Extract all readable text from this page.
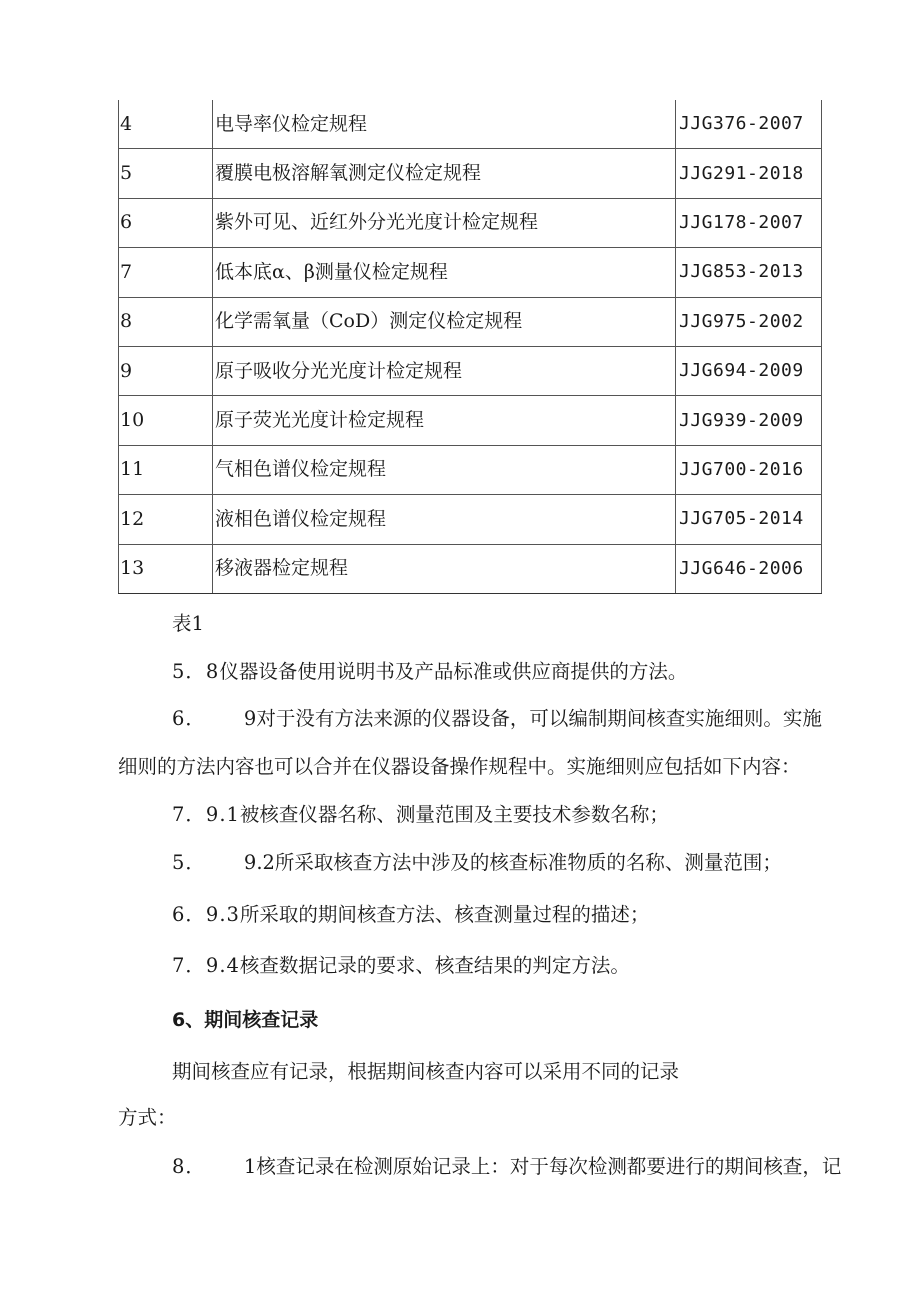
4	电导率仪检定规程	JJG376-2007
5	覆膜电极溶解氧测定仪检定规程	JJG291-2018
6	紫外可见、近红外分光光度计检定规程	JJG178-2007
7	低本底α、β测量仪检定规程	JJG853-2013
8	化学需氧量（CoD）测定仪检定规程	JJG975-2002
9	原子吸收分光光度计检定规程	JJG694-2009
10	原子荧光光度计检定规程	JJG939-2009
11	气相色谱仪检定规程	JJG700-2016
12	液相色谱仪检定规程	JJG705-2014
13	移液器检定规程	JJG646-2006
表1
5．8仪器设备使用说明书及产品标准或供应商提供的方法。
6． 9对于没有方法来源的仪器设备，可以编制期间核查实施细则。实施
细则的方法内容也可以合并在仪器设备操作规程中。实施细则应包括如下内容：
7．9.1被核查仪器名称、测量范围及主要技术参数名称；
5． 9.2所采取核查方法中涉及的核查标准物质的名称、测量范围；
6．9.3所采取的期间核查方法、核查测量过程的描述；
7．9.4核查数据记录的要求、核查结果的判定方法。
6、期间核查记录
期间核查应有记录，根据期间核查内容可以采用不同的记录
方式：
8． 1核查记录在检测原始记录上：对于每次检测都要进行的期间核查，记
